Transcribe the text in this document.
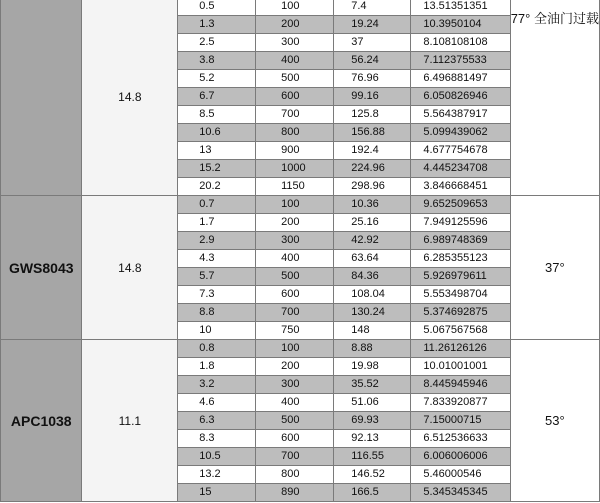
	14.8	0.5	100	7.4	13.51351351	77° 全油门过载
		1.3	200	19.24	10.3950104	
		2.5	300	37	8.108108108	
		3.8	400	56.24	7.112375533	
		5.2	500	76.96	6.496881497	
		6.7	600	99.16	6.050826946	
		8.5	700	125.8	5.564387917	
		10.6	800	156.88	5.099439062	
		13	900	192.4	4.677754678	
		15.2	1000	224.96	4.445234708	
		20.2	1150	298.96	3.846668451	
GWS8043	14.8	0.7	100	10.36	9.652509653	37°
		1.7	200	25.16	7.949125596	
		2.9	300	42.92	6.989748369	
		4.3	400	63.64	6.285355123	
		5.7	500	84.36	5.926979611	
		7.3	600	108.04	5.553498704	
		8.8	700	130.24	5.374692875	
		10	750	148	5.067567568	
APC1038	11.1	0.8	100	8.88	11.26126126	53°
		1.8	200	19.98	10.01001001	
		3.2	300	35.52	8.445945946	
		4.6	400	51.06	7.833920877	
		6.3	500	69.93	7.15000715	
		8.3	600	92.13	6.512536633	
		10.5	700	116.55	6.006006006	
		13.2	800	146.52	5.46000546	
		15	890	166.5	5.345345345	
